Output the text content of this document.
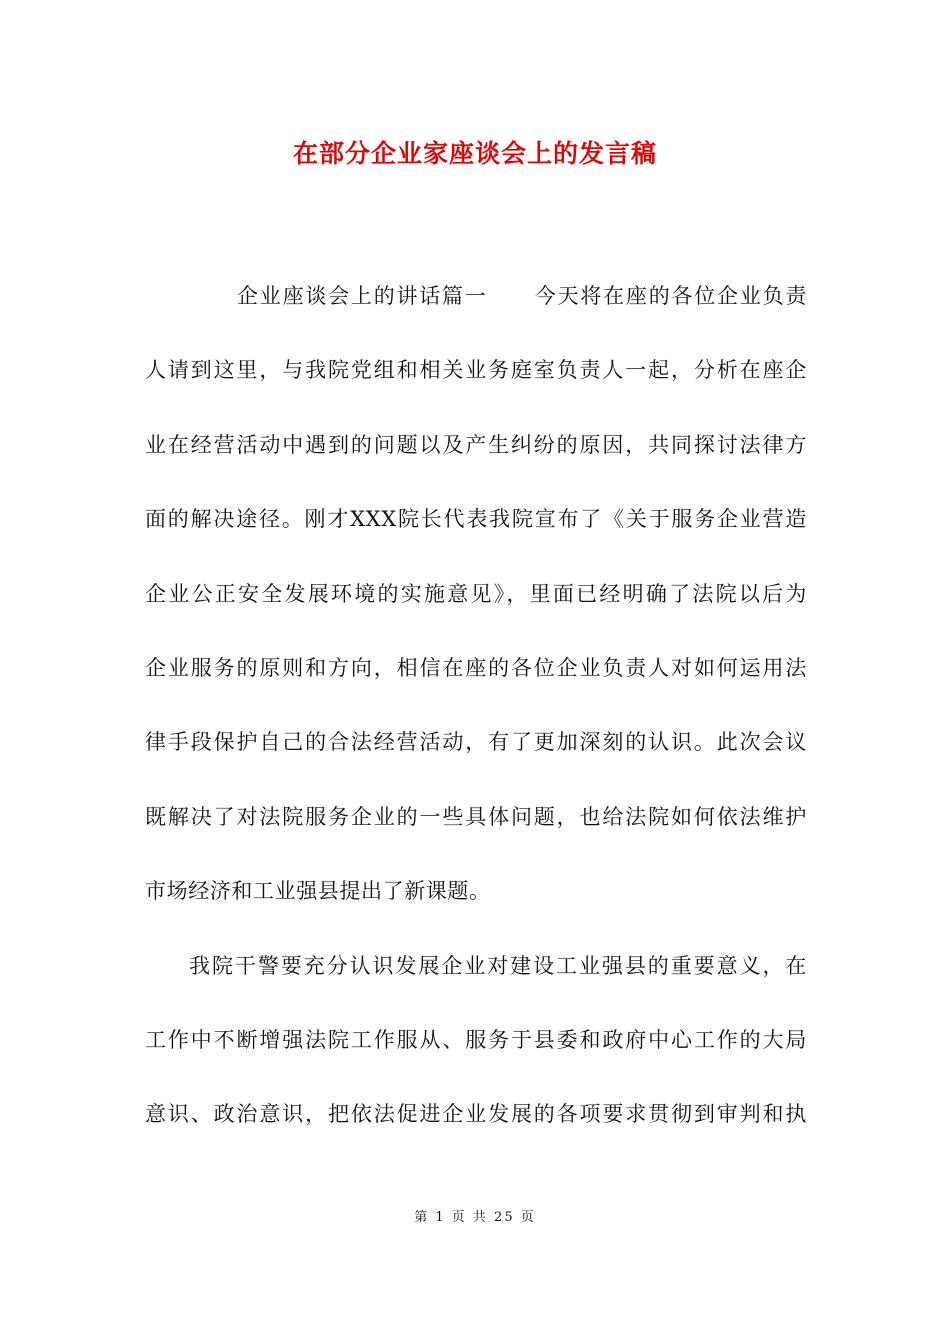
在部分企业家座谈会上的发言稿
企业座谈会上的讲话篇一 今天将在座的各位企业负责
人请到这里，与我院党组和相关业务庭室负责人一起，分析在座企
业在经营活动中遇到的问题以及产生纠纷的原因，共同探讨法律方
面的解决途径。刚才XXX院长代表我院宣布了《关于服务企业营造
企业公正安全发展环境的实施意见》，里面已经明确了法院以后为
企业服务的原则和方向，相信在座的各位企业负责人对如何运用法
律手段保护自己的合法经营活动，有了更加深刻的认识。此次会议
既解决了对法院服务企业的一些具体问题，也给法院如何依法维护
市场经济和工业强县提出了新课题。
我院干警要充分认识发展企业对建设工业强县的重要意义，在
工作中不断增强法院工作服从、服务于县委和政府中心工作的大局
意识、政治意识，把依法促进企业发展的各项要求贯彻到审判和执
第 1 页 共 25 页
